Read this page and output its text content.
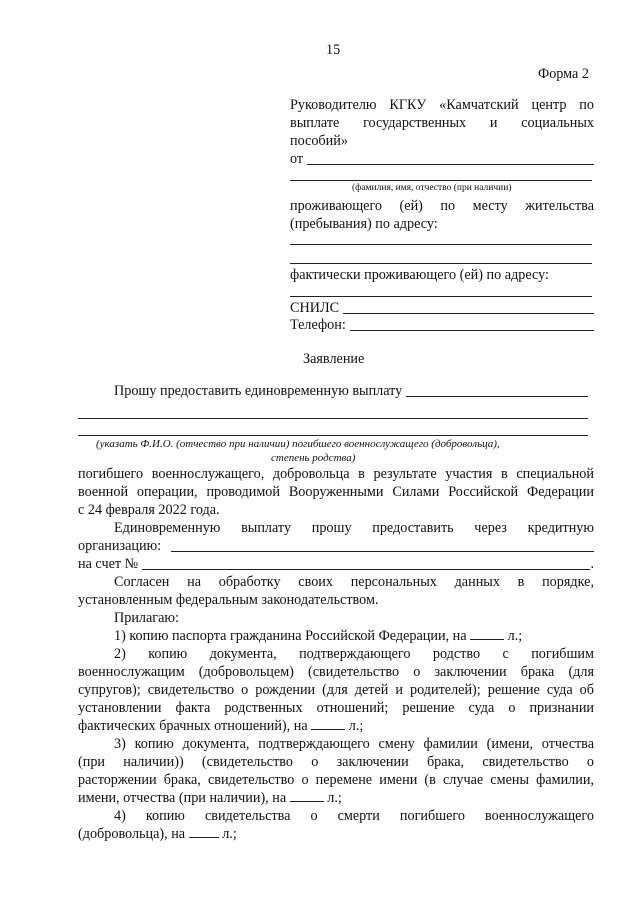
15
Форма 2
Руководителю КГКУ «Камчатский центр по
выплате государственных и социальных
пособий»
от
(фамилия, имя, отчество (при наличии)
проживающего (ей) по месту жительства
(пребывания) по адресу:
фактически проживающего (ей) по адресу:
СНИЛС
Телефон:
Заявление
Прошу предоставить единовременную выплату
(указать Ф.И.О. (отчество при наличии) погибшего военнослужащего (добровольца),
степень родства)
погибшего военнослужащего, добровольца в результате участия в специальной
военной операции, проводимой Вооруженными Силами Российской Федерации
с 24 февраля 2022 года.
Единовременную выплату прошу предоставить через кредитную
организацию:
на счет №	.
Согласен на обработку своих персональных данных в порядке,
установленным федеральным законодательством.
Прилагаю:
1) копию паспорта гражданина Российской Федерации, на	л.;
2) копию документа, подтверждающего родство с погибшим
военнослужащим (добровольцем) (свидетельство о заключении брака (для
супругов); свидетельство о рождении (для детей и родителей); решение суда об
установлении факта родственных отношений; решение суда о признании
фактических брачных отношений), на	л.;
3) копию документа, подтверждающего смену фамилии (имени, отчества
(при наличии)) (свидетельство о заключении брака, свидетельство о
расторжении брака, свидетельство о перемене имени (в случае смены фамилии,
имени, отчества (при наличии), на	л.;
4) копию свидетельства о смерти погибшего военнослужащего
(добровольца), на	л.;
